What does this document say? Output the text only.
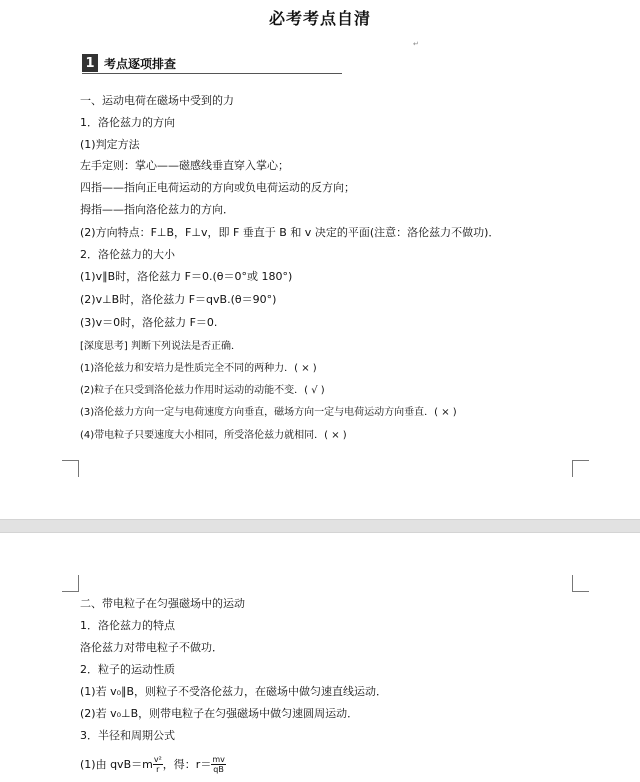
必考考点自清
↵
1 考点逐项排查
一、运动电荷在磁场中受到的力
1．洛伦兹力的方向
(1)判定方法
左手定则：掌心——磁感线垂直穿入掌心；
四指——指向正电荷运动的方向或负电荷运动的反方向；
拇指——指向洛伦兹力的方向．
(2)方向特点：F⊥B，F⊥v，即 F 垂直于 B 和 v 决定的平面(注意：洛伦兹力不做功)．
2．洛伦兹力的大小
(1)v∥B时，洛伦兹力 F＝0.(θ＝0°或 180°)
(2)v⊥B时，洛伦兹力 F＝qvB.(θ＝90°)
(3)v＝0时，洛伦兹力 F＝0.
[深度思考] 判断下列说法是否正确．
(1)洛伦兹力和安培力是性质完全不同的两种力．( × )
(2)粒子在只受到洛伦兹力作用时运动的动能不变．( √ )
(3)洛伦兹力方向一定与电荷速度方向垂直，磁场方向一定与电荷运动方向垂直．( × )
(4)带电粒子只要速度大小相同，所受洛伦兹力就相同．( × )
二、带电粒子在匀强磁场中的运动
1．洛伦兹力的特点
洛伦兹力对带电粒子不做功．
2．粒子的运动性质
(1)若 v₀∥B，则粒子不受洛伦兹力，在磁场中做匀速直线运动．
(2)若 v₀⊥B，则带电粒子在匀强磁场中做匀速圆周运动．
3．半径和周期公式
(1)由 $qvB=m \frac{\text{v²}}{r}$ ，得：$r= \frac{mv}{qB}$
